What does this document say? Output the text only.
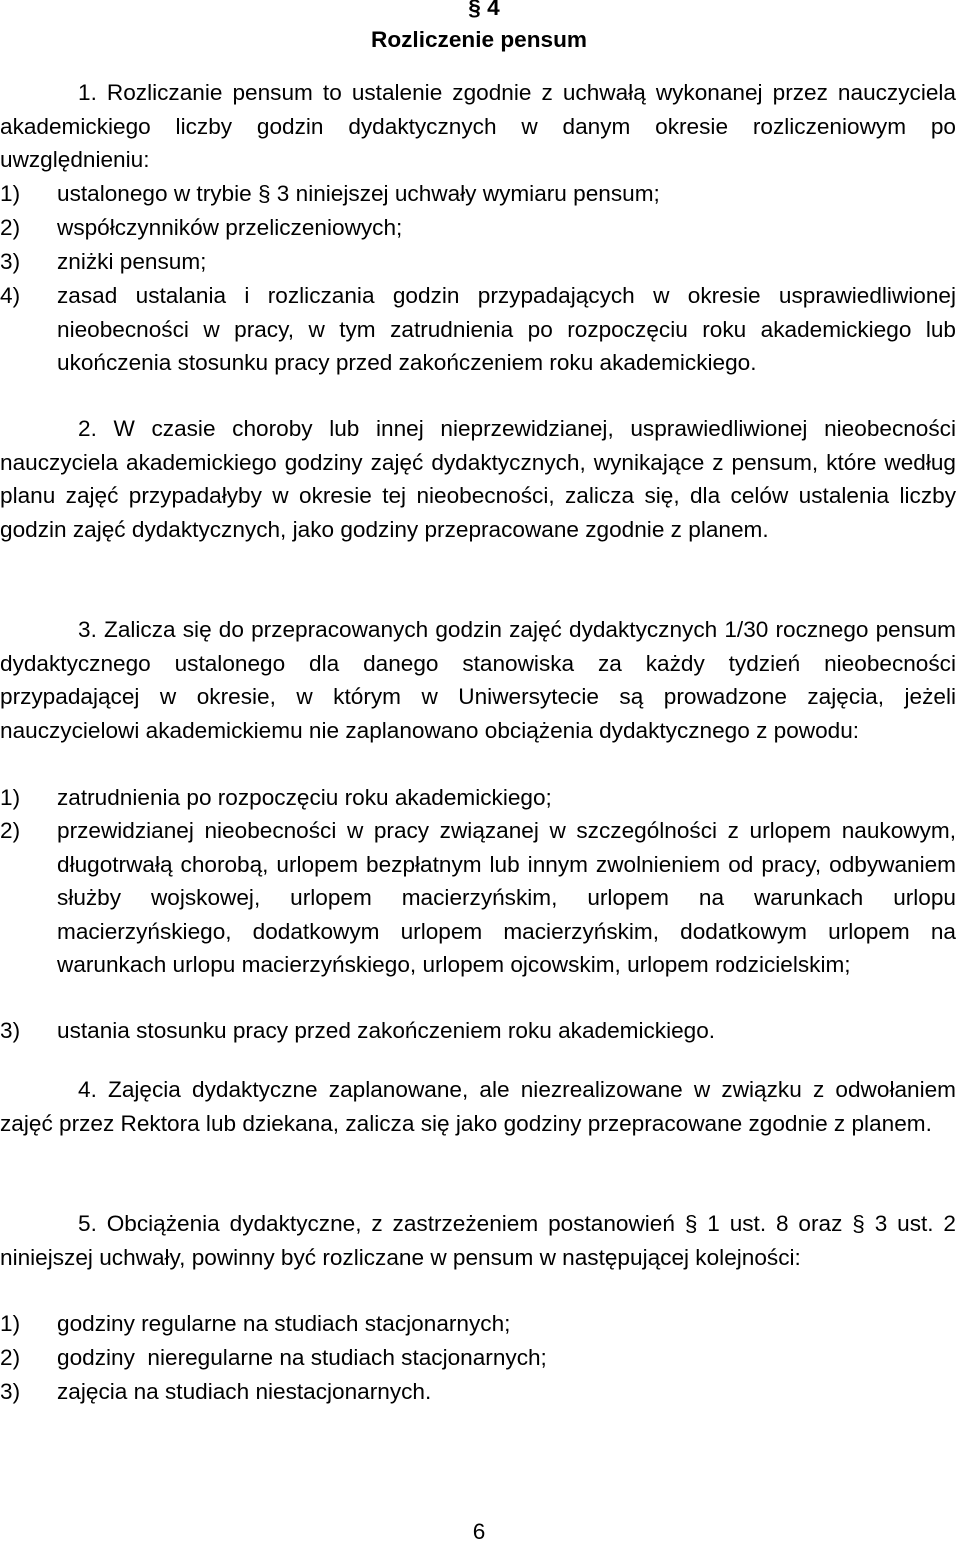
§ 4
Rozliczenie pensum
1. Rozliczanie pensum to ustalenie zgodnie z uchwałą wykonanej przez nauczyciela akademickiego liczby godzin dydaktycznych w danym okresie rozliczeniowym po uwzględnieniu:
1) ustalonego w trybie § 3 niniejszej uchwały wymiaru pensum;
2) współczynników przeliczeniowych;
3) zniżki pensum;
4) zasad ustalania i rozliczania godzin przypadających w okresie usprawiedliwionej nieobecności w pracy, w tym zatrudnienia po rozpoczęciu roku akademickiego lub ukończenia stosunku pracy przed zakończeniem roku akademickiego.
2. W czasie choroby lub innej nieprzewidzianej, usprawiedliwionej nieobecności nauczyciela akademickiego godziny zajęć dydaktycznych, wynikające z pensum, które według planu zajęć przypadałyby w okresie tej nieobecności, zalicza się, dla celów ustalenia liczby godzin zajęć dydaktycznych, jako godziny przepracowane zgodnie z planem.
3. Zalicza się do przepracowanych godzin zajęć dydaktycznych 1/30 rocznego pensum dydaktycznego ustalonego dla danego stanowiska za każdy tydzień nieobecności przypadającej w okresie, w którym w Uniwersytecie są prowadzone zajęcia, jeżeli nauczycielowi akademickiemu nie zaplanowano obciążenia dydaktycznego z powodu:
1) zatrudnienia po rozpoczęciu roku akademickiego;
2) przewidzianej nieobecności w pracy związanej w szczególności z urlopem naukowym, długotrwałą chorobą, urlopem bezpłatnym lub innym zwolnieniem od pracy, odbywaniem służby wojskowej, urlopem macierzyńskim, urlopem na warunkach urlopu macierzyńskiego, dodatkowym urlopem macierzyńskim, dodatkowym urlopem na warunkach urlopu macierzyńskiego, urlopem ojcowskim, urlopem rodzicielskim;
3) ustania stosunku pracy przed zakończeniem roku akademickiego.
4. Zajęcia dydaktyczne zaplanowane, ale niezrealizowane w związku z odwołaniem zajęć przez Rektora lub dziekana, zalicza się jako godziny przepracowane zgodnie z planem.
5. Obciążenia dydaktyczne, z zastrzeżeniem postanowień § 1 ust. 8 oraz § 3 ust. 2 niniejszej uchwały, powinny być rozliczane w pensum w następującej kolejności:
1) godziny regularne na studiach stacjonarnych;
2) godziny  nieregularne na studiach stacjonarnych;
3) zajęcia na studiach niestacjonarnych.
6
